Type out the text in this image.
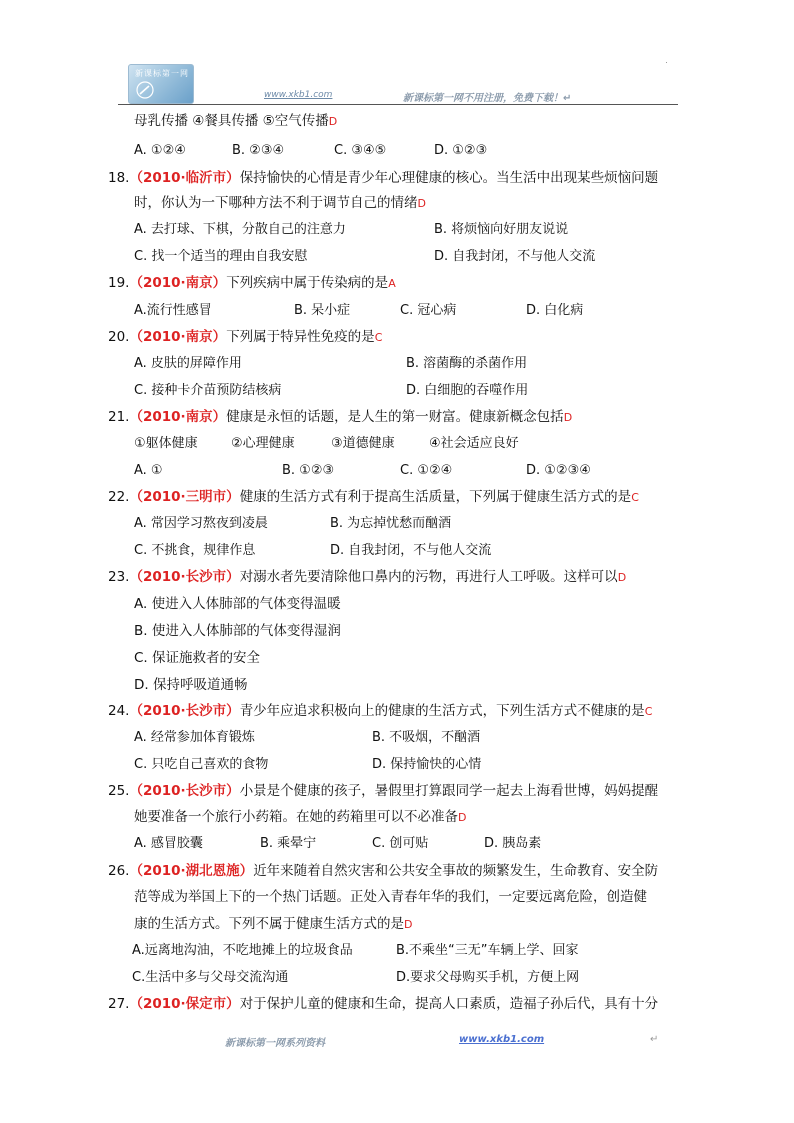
新课标第一网
www.xkb1.com	新课标第一网不用注册，免费下载！↵
母乳传播 ④餐具传播 ⑤空气传播D
A. ①②④	B. ②③④	C. ③④⑤	D. ①②③
18.（2010·临沂市）保持愉快的心情是青少年心理健康的核心。当生活中出现某些烦恼问题
时，你认为一下哪种方法不利于调节自己的情绪D
A. 去打球、下棋，分散自己的注意力	B. 将烦恼向好朋友说说
C. 找一个适当的理由自我安慰	D. 自我封闭，不与他人交流
19.（2010·南京）下列疾病中属于传染病的是A
A.流行性感冒	B. 呆小症	C. 冠心病	D. 白化病
20.（2010·南京）下列属于特异性免疫的是C
A. 皮肤的屏障作用	B. 溶菌酶的杀菌作用
C. 接种卡介苗预防结核病	D. 白细胞的吞噬作用
21.（2010·南京）健康是永恒的话题，是人生的第一财富。健康新概念包括D
①躯体健康	②心理健康	③道德健康	④社会适应良好
A. ①	B. ①②③	C. ①②④	D. ①②③④
22.（2010·三明市）健康的生活方式有利于提高生活质量，下列属于健康生活方式的是C
A. 常因学习熬夜到凌晨	B. 为忘掉忧愁而酗酒
C. 不挑食，规律作息	D. 自我封闭，不与他人交流
23.（2010·长沙市）对溺水者先要清除他口鼻内的污物，再进行人工呼吸。这样可以D
A. 使进入人体肺部的气体变得温暖
B. 使进入人体肺部的气体变得湿润
C. 保证施救者的安全
D. 保持呼吸道通畅
24.（2010·长沙市）青少年应追求积极向上的健康的生活方式，下列生活方式不健康的是C
A. 经常参加体育锻炼	B. 不吸烟，不酗酒
C. 只吃自己喜欢的食物	D. 保持愉快的心情
25.（2010·长沙市）小景是个健康的孩子，暑假里打算跟同学一起去上海看世博，妈妈提醒
她要准备一个旅行小药箱。在她的药箱里可以不必准备D
A. 感冒胶囊	B. 乘晕宁	C. 创可贴	D. 胰岛素
26.（2010·湖北恩施）近年来随着自然灾害和公共安全事故的频繁发生，生命教育、安全防
范等成为举国上下的一个热门话题。正处入青春年华的我们，一定要远离危险，创造健
康的生活方式。下列不属于健康生活方式的是D
A.远离地沟油，不吃地摊上的垃圾食品	B.不乘坐“三无”车辆上学、回家
C.生活中多与父母交流沟通	D.要求父母购买手机，方便上网
27.（2010·保定市）对于保护儿童的健康和生命，提高人口素质，造福子孙后代，具有十分
新课标第一网系列资料	www.xkb1.com	↵
